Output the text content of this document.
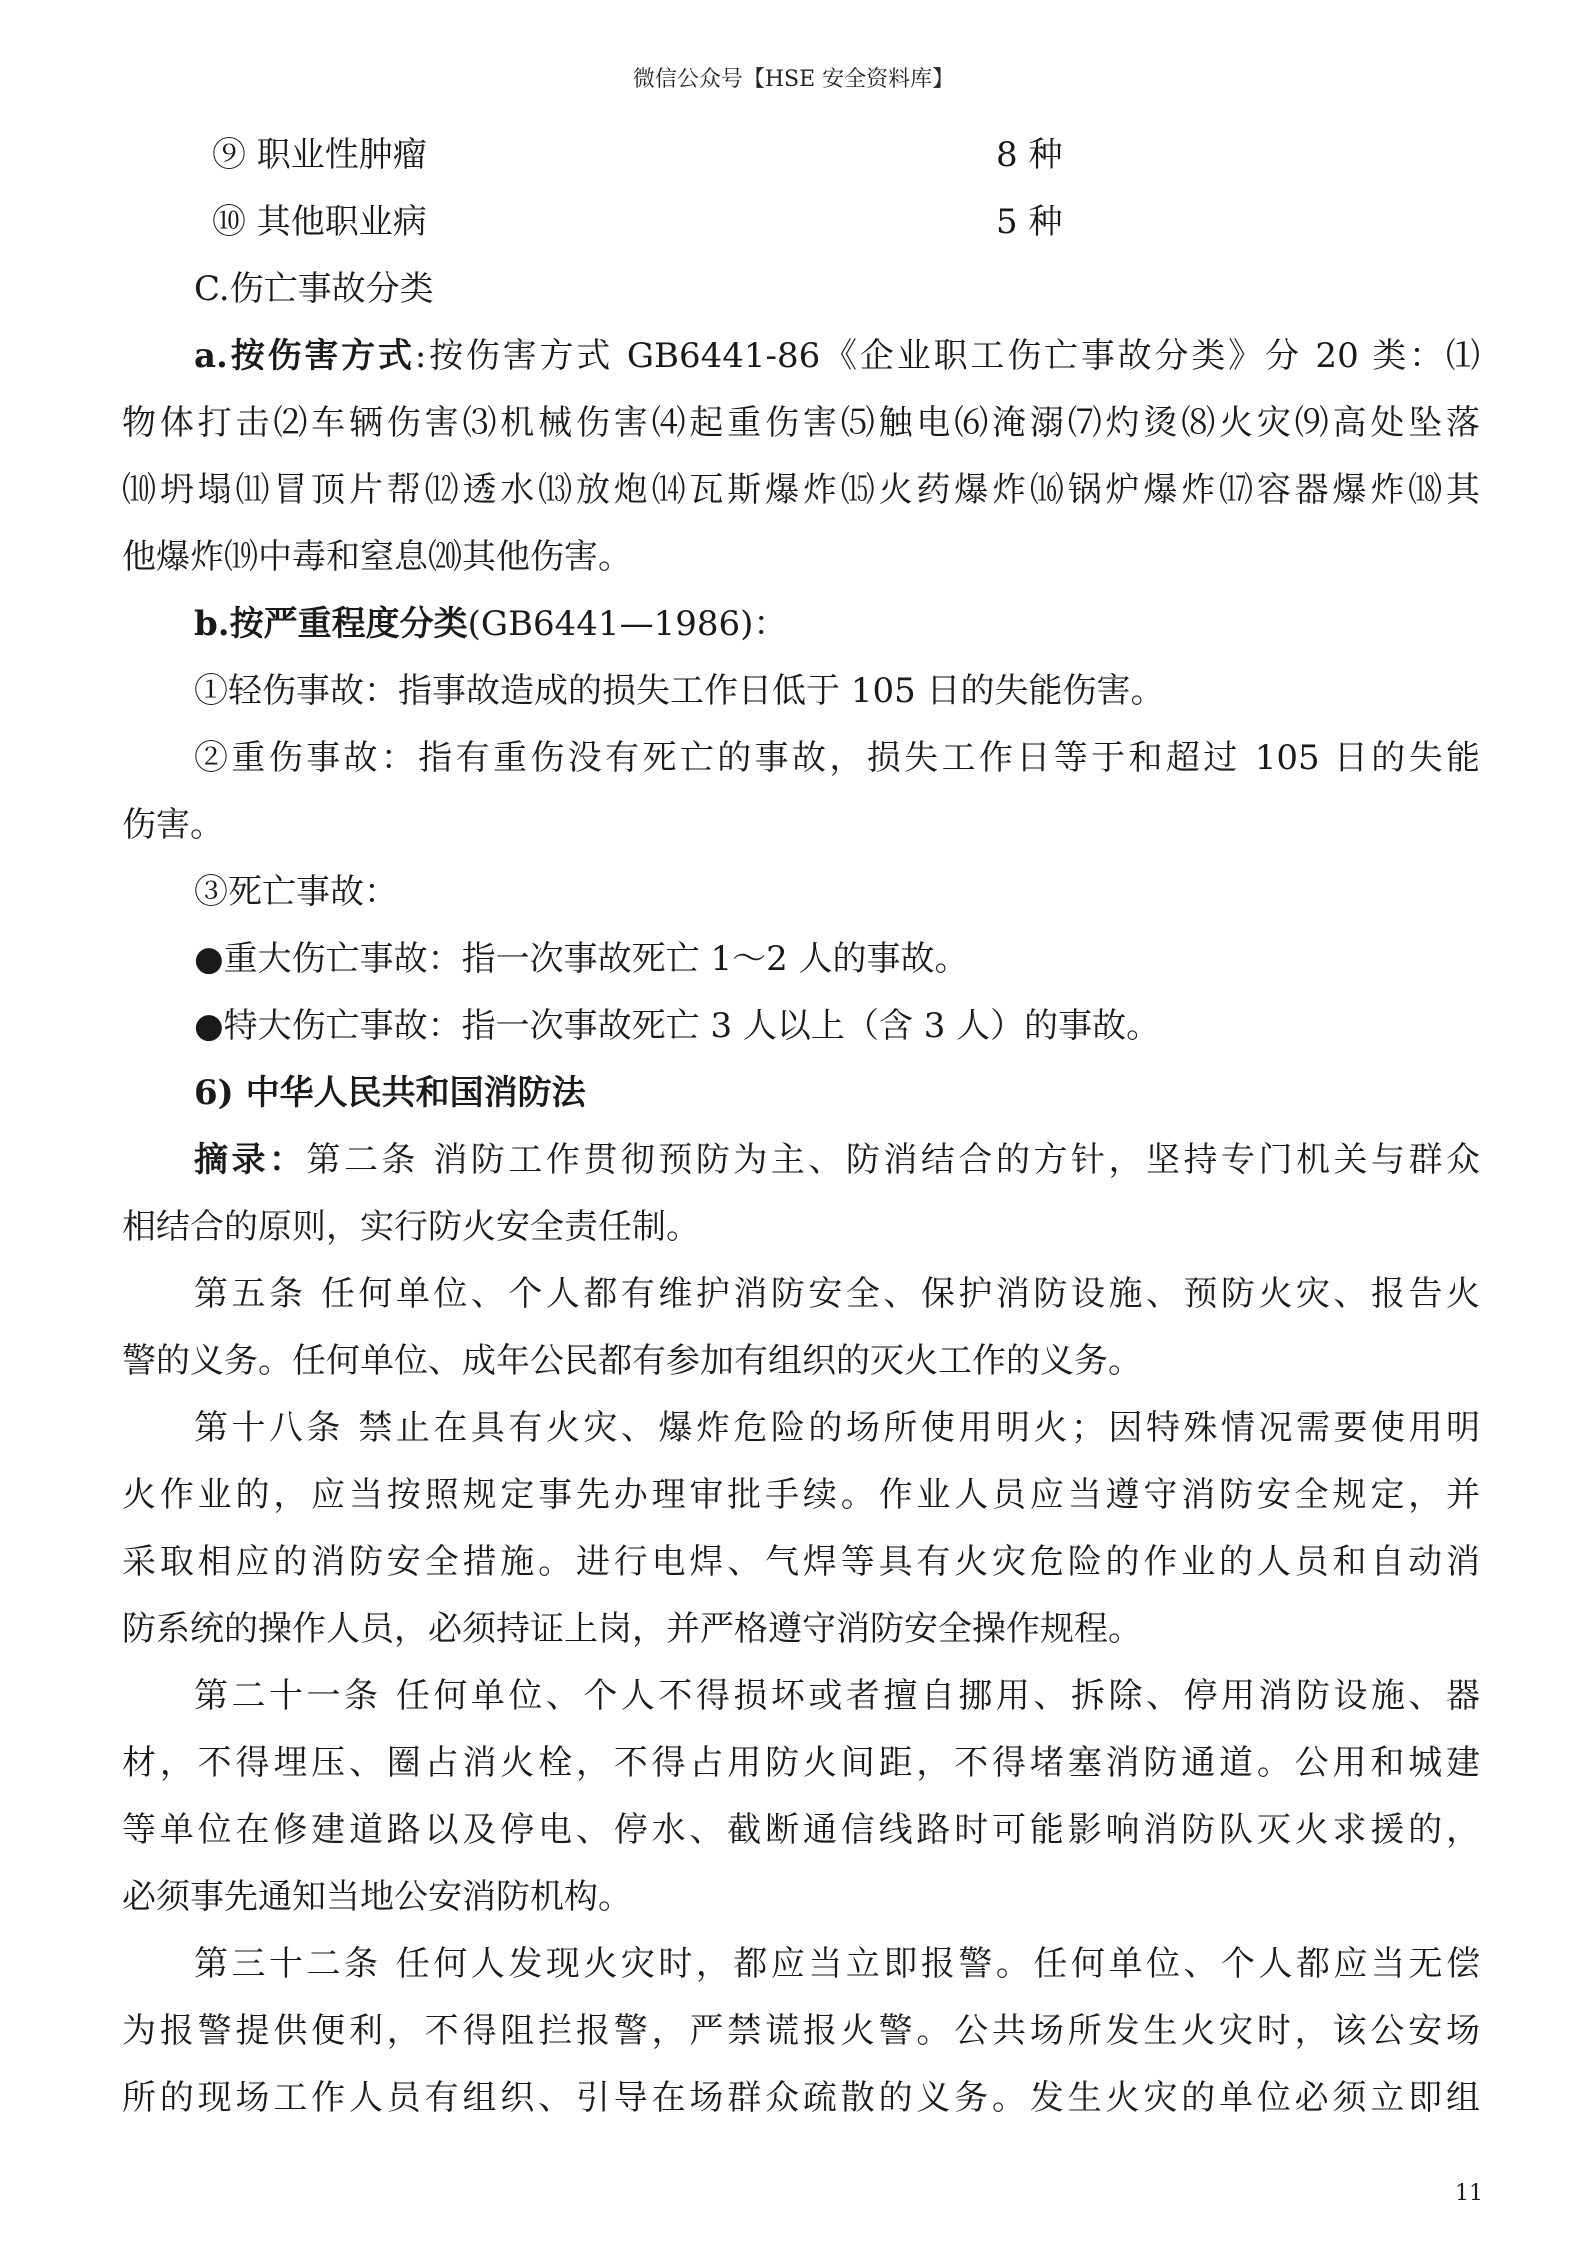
微信公众号【HSE 安全资料库】
⑨ 职业性肿瘤	8 种
⑩ 其他职业病	5 种
C.伤亡事故分类
a.按伤害方式:按伤害方式 GB6441-86《企业职工伤亡事故分类》分 20 类：⑴
物体打击⑵车辆伤害⑶机械伤害⑷起重伤害⑸触电⑹淹溺⑺灼烫⑻火灾⑼高处坠落
⑽坍塌⑾冒顶片帮⑿透水⒀放炮⒁瓦斯爆炸⒂火药爆炸⒃锅炉爆炸⒄容器爆炸⒅其
他爆炸⒆中毒和窒息⒇其他伤害。
b.按严重程度分类(GB6441—1986)：
①轻伤事故：指事故造成的损失工作日低于 105 日的失能伤害。
②重伤事故：指有重伤没有死亡的事故，损失工作日等于和超过 105 日的失能
伤害。
③死亡事故：
●重大伤亡事故：指一次事故死亡 1～2 人的事故。
●特大伤亡事故：指一次事故死亡 3 人以上（含 3 人）的事故。
6) 中华人民共和国消防法
摘录：第二条 消防工作贯彻预防为主、防消结合的方针，坚持专门机关与群众
相结合的原则，实行防火安全责任制。
第五条 任何单位、个人都有维护消防安全、保护消防设施、预防火灾、报告火
警的义务。任何单位、成年公民都有参加有组织的灭火工作的义务。
第十八条 禁止在具有火灾、爆炸危险的场所使用明火；因特殊情况需要使用明
火作业的，应当按照规定事先办理审批手续。作业人员应当遵守消防安全规定，并
采取相应的消防安全措施。进行电焊、气焊等具有火灾危险的作业的人员和自动消
防系统的操作人员，必须持证上岗，并严格遵守消防安全操作规程。
第二十一条 任何单位、个人不得损坏或者擅自挪用、拆除、停用消防设施、器
材，不得埋压、圈占消火栓，不得占用防火间距，不得堵塞消防通道。公用和城建
等单位在修建道路以及停电、停水、截断通信线路时可能影响消防队灭火求援的，
必须事先通知当地公安消防机构。
第三十二条 任何人发现火灾时，都应当立即报警。任何单位、个人都应当无偿
为报警提供便利，不得阻拦报警，严禁谎报火警。公共场所发生火灾时，该公安场
所的现场工作人员有组织、引导在场群众疏散的义务。发生火灾的单位必须立即组
11
